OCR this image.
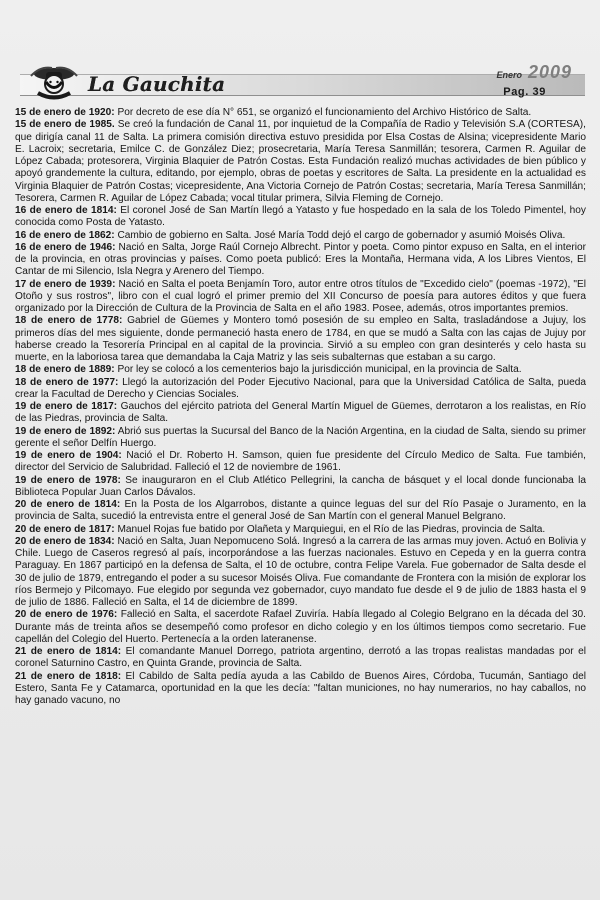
La Gauchita	Enero 2009
Pag. 39

15 de enero de 1920: Por decreto de ese día N° 651, se organizó el funcionamiento del Archivo Histórico de Salta.

15 de enero de 1985. Se creó la fundación de Canal 11, por inquietud de la Compañía de Radio y Televisión S.A (CORTESA), que dirigía canal 11 de Salta. La primera comisión directiva estuvo presidida por Elsa Costas de Alsina; vicepresidente Mario E. Lacroix; secretaria, Emilce C. de González Diez; prosecretaria, María Teresa Sanmillán; tesorera, Carmen R. Aguilar de López Cabada; protesorera, Virginia Blaquier de Patrón Costas. Esta Fundación realizó muchas actividades de bien público y apoyó grandemente la cultura, editando, por ejemplo, obras de poetas y escritores de Salta. La presidente en la actualidad es Virginia Blaquier de Patrón Costas; vicepresidente, Ana Victoria Cornejo de Patrón Costas; secretaria, María Teresa Sanmillán; Tesorera, Carmen R. Aguilar de López Cabada; vocal titular primera, Silvia Fleming de Cornejo.

16 de enero de 1814: El coronel José de San Martín llegó a Yatasto y fue hospedado en la sala de los Toledo Pimentel, hoy conocida como Posta de Yatasto.

16 de enero de 1862: Cambio de gobierno en Salta. José María Todd dejó el cargo de gobernador y asumió Moisés Oliva.

16 de enero de 1946: Nació en Salta, Jorge Raúl Cornejo Albrecht. Pintor y poeta. Como pintor expuso en Salta, en el interior de la provincia, en otras provincias y países. Como poeta publicó: Eres la Montaña, Hermana vida, A los Libres Vientos, El Cantar de mi Silencio, Isla Negra y Arenero del Tiempo.

17 de enero de 1939: Nació en Salta el poeta Benjamín Toro, autor entre otros títulos de "Excedido cielo" (poemas -1972), "El Otoño y sus rostros", libro con el cual logró el primer premio del XII Concurso de poesía para autores éditos y que fuera organizado por la Dirección de Cultura de la Provincia de Salta en el año 1983. Posee, además, otros importantes premios.

18 de enero de 1778: Gabriel de Güemes y Montero tomó posesión de su empleo en Salta, trasladándose a Jujuy, los primeros días del mes siguiente, donde permaneció hasta enero de 1784, en que se mudó a Salta con las cajas de Jujuy por haberse creado la Tesorería Principal en al capital de la provincia. Sirvió a su empleo con gran desinterés y celo hasta su muerte, en la laboriosa tarea que demandaba la Caja Matriz y las seis subalternas que estaban a su cargo.

18 de enero de 1889: Por ley se colocó a los cementerios bajo la jurisdicción municipal, en la provincia de Salta.

18 de enero de 1977: Llegó la autorización del Poder Ejecutivo Nacional, para que la Universidad Católica de Salta, pueda crear la Facultad de Derecho y Ciencias Sociales.

19 de enero de 1817: Gauchos del ejército patriota del General Martín Miguel de Güemes, derrotaron a los realistas, en Río de las Piedras, provincia de Salta.

19 de enero de 1892: Abrió sus puertas la Sucursal del Banco de la Nación Argentina, en la ciudad de Salta, siendo su primer gerente el señor Delfín Huergo.

19 de enero de 1904: Nació el Dr. Roberto H. Samson, quien fue presidente del Círculo Medico de Salta. Fue también, director del Servicio de Salubridad. Falleció el 12 de noviembre de 1961.

19 de enero de 1978: Se inauguraron en el Club Atlético Pellegrini, la cancha de básquet y el local donde funcionaba la Biblioteca Popular Juan Carlos Dávalos.

20 de enero de 1814: En la Posta de los Algarrobos, distante a quince leguas del sur del Río Pasaje o Juramento, en la provincia de Salta, sucedió la entrevista entre el general José de San Martín con el general Manuel Belgrano.

20 de enero de 1817: Manuel Rojas fue batido por Olañeta y Marquiegui, en el Río de las Piedras, provincia de Salta.

20 de enero de 1834: Nació en Salta, Juan Nepomuceno Solá. Ingresó a la carrera de las armas muy joven. Actuó en Bolivia y Chile. Luego de Caseros regresó al país, incorporándose a las fuerzas nacionales. Estuvo en Cepeda y en la guerra contra Paraguay. En 1867 participó en la defensa de Salta, el 10 de octubre, contra Felipe Varela. Fue gobernador de Salta desde el 30 de julio de 1879, entregando el poder a su sucesor Moisés Oliva. Fue comandante de Frontera con la misión de explorar los ríos Bermejo y Pilcomayo. Fue elegido por segunda vez gobernador, cuyo mandato fue desde el 9 de julio de 1883 hasta el 9 de julio de 1886. Falleció en Salta, el 14 de diciembre de 1899.

20 de enero de 1976: Falleció en Salta, el sacerdote Rafael Zuviría. Había llegado al Colegio Belgrano en la década del 30. Durante más de treinta años se desempeñó como profesor en dicho colegio y en los últimos tiempos como secretario. Fue capellán del Colegio del Huerto. Pertenecía a la orden lateranense.

21 de enero de 1814: El comandante Manuel Dorrego, patriota argentino, derrotó a las tropas realistas mandadas por el coronel Saturnino Castro, en Quinta Grande, provincia de Salta.

21 de enero de 1818: El Cabildo de Salta pedía ayuda a las Cabildo de Buenos Aires, Córdoba, Tucumán, Santiago del Estero, Santa Fe y Catamarca, oportunidad en la que les decía: "faltan municiones, no hay numerarios, no hay caballos, no hay ganado vacuno, no
